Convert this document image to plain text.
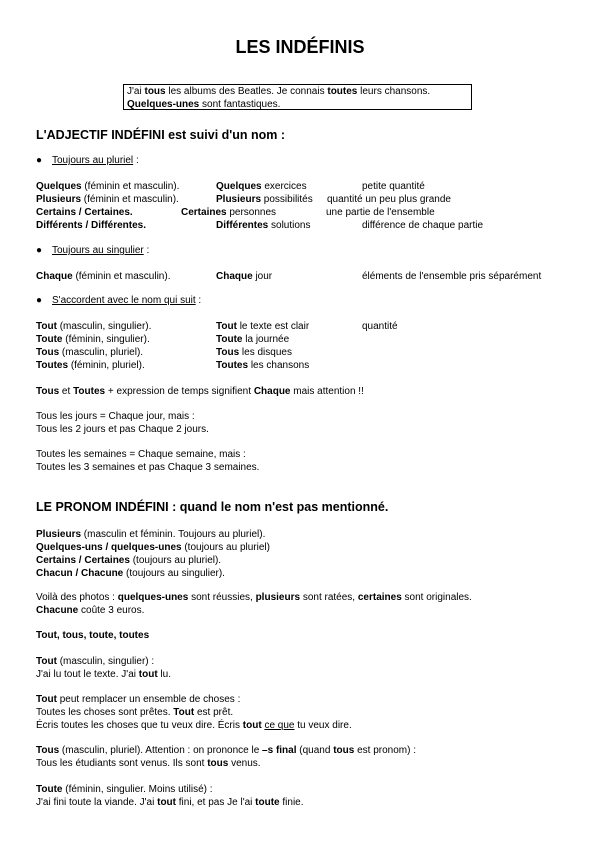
LES INDÉFINIS
J'ai tous les albums des Beatles. Je connais toutes leurs chansons.
Quelques-unes sont fantastiques.
L'ADJECTIF INDÉFINI est suivi d'un nom :
● Toujours au pluriel :
Quelques (féminin et masculin).	Quelques exercices	petite quantité
Plusieurs (féminin et masculin).	Plusieurs possibilités quantité un peu plus grande
Certains / Certaines.	Certaines personnes	une partie de l'ensemble
Différents / Différentes.	Différentes solutions	différence de chaque partie
● Toujours au singulier :
Chaque (féminin et masculin).	Chaque jour	éléments de l'ensemble pris séparément
● S'accordent avec le nom qui suit :
Tout (masculin, singulier).	Tout le texte est clair	quantité
Toute (féminin, singulier).	Toute la journée
Tous (masculin, pluriel).	Tous les disques
Toutes (féminin, pluriel).	Toutes les chansons
Tous et Toutes + expression de temps signifient Chaque mais attention !!
Tous les jours = Chaque jour, mais :
Tous les 2 jours et pas Chaque 2 jours.
Toutes les semaines = Chaque semaine, mais :
Toutes les 3 semaines et pas Chaque 3 semaines.
LE PRONOM INDÉFINI : quand le nom n'est pas mentionné.
Plusieurs (masculin et féminin. Toujours au pluriel).
Quelques-uns / quelques-unes (toujours au pluriel)
Certains / Certaines (toujours au pluriel).
Chacun / Chacune (toujours au singulier).
Voilà des photos : quelques-unes sont réussies, plusieurs sont ratées, certaines sont originales.
Chacune coûte 3 euros.
Tout, tous, toute, toutes
Tout (masculin, singulier) :
J'ai lu tout le texte. J'ai tout lu.
Tout peut remplacer un ensemble de choses :
Toutes les choses sont prêtes. Tout est prêt.
Écris toutes les choses que tu veux dire. Écris tout ce que tu veux dire.
Tous (masculin, pluriel). Attention : on prononce le –s final (quand tous est pronom) :
Tous les étudiants sont venus. Ils sont tous venus.
Toute (féminin, singulier. Moins utilisé) :
J'ai fini toute la viande. J'ai tout fini, et pas Je l'ai toute finie.
